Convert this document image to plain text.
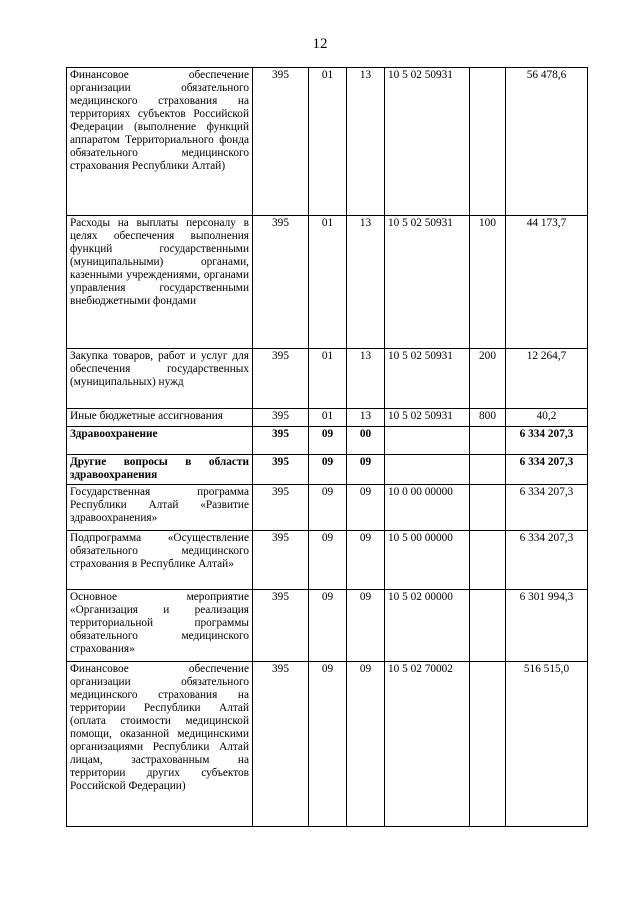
12
Финансовое обеспечение организации обязательного медицинского страхования на территориях субъектов Российской Федерации (выполнение функций аппаратом Территориального фонда обязательного медицинского страхования Республики Алтай)	395	01	13	10 5 02 50931		56 478,6
Расходы на выплаты персоналу в целях обеспечения выполнения функций государственными (муниципальными) органами, казенными учреждениями, органами управления государственными внебюджетными фондами	395	01	13	10 5 02 50931	100	44 173,7
Закупка товаров, работ и услуг для обеспечения государственных (муниципальных) нужд	395	01	13	10 5 02 50931	200	12 264,7
Иные бюджетные ассигнования	395	01	13	10 5 02 50931	800	40,2
Здравоохранение	395	09	00			6 334 207,3
Другие вопросы в области здравоохранения	395	09	09			6 334 207,3
Государственная программа Республики Алтай «Развитие здравоохранения»	395	09	09	10 0 00 00000		6 334 207,3
Подпрограмма «Осуществление обязательного медицинского страхования в Республике Алтай»	395	09	09	10 5 00 00000		6 334 207,3
Основное мероприятие «Организация и реализация территориальной программы обязательного медицинского страхования»	395	09	09	10 5 02 00000		6 301 994,3
Финансовое обеспечение организации обязательного медицинского страхования на территории Республики Алтай (оплата стоимости медицинской помощи, оказанной медицинскими организациями Республики Алтай лицам, застрахованным на территории других субъектов Российской Федерации)	395	09	09	10 5 02 70002		516 515,0
